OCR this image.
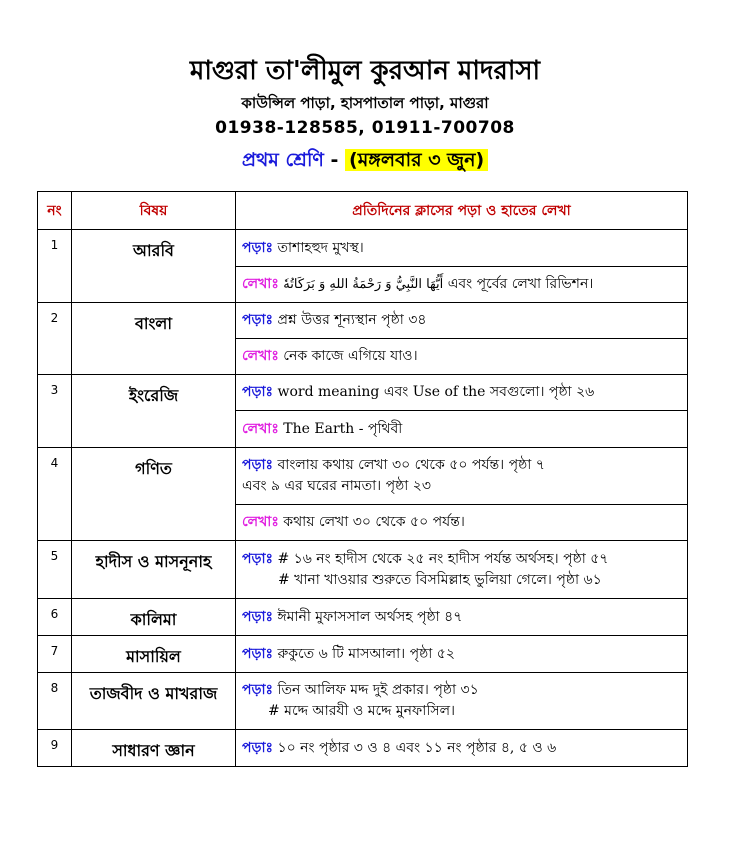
মাগুরা তা'লীমুল কুরআন মাদরাসা
কাউন্সিল পাড়া, হাসপাতাল পাড়া, মাগুরা
01938-128585, 01911-700708
প্রথম শ্রেণি - (মঙ্গলবার ৩ জুন)
নং	বিষয়	প্রতিদিনের ক্লাসের পড়া ও হাতের লেখা
1	আরবি	পড়াঃ তাশাহহুদ মুখস্থ।
		লেখাঃ أَيُّهَا النَّبِيُّ وَ رَحْمَةُ اللهِ وَ بَرَكَاتُهٗ এবং পূর্বের লেখা রিভিশন।
2	বাংলা	পড়াঃ প্রশ্ন উত্তর শূন্যস্থান পৃষ্ঠা ৩৪
		লেখাঃ নেক কাজে এগিয়ে যাও।
3	ইংরেজি	পড়াঃ word meaning এবং Use of the সবগুলো। পৃষ্ঠা ২৬
		লেখাঃ The Earth - পৃথিবী
4	গণিত	পড়াঃ বাংলায় কথায় লেখা ৩০ থেকে ৫০ পর্যন্ত। পৃষ্ঠা ৭
এবং ৯ এর ঘরের নামতা। পৃষ্ঠা ২৩
		লেখাঃ কথায় লেখা ৩০ থেকে ৫০ পর্যন্ত।
5	হাদীস ও মাসনূনাহ	পড়াঃ # ১৬ নং হাদীস থেকে ২৫ নং হাদীস পর্যন্ত অর্থসহ। পৃষ্ঠা ৫৭
# খানা খাওয়ার শুরুতে বিসমিল্লাহ ভুলিয়া গেলে। পৃষ্ঠা ৬১
6	কালিমা	পড়াঃ ঈমানী মুফাসসাল অর্থসহ পৃষ্ঠা ৪৭
7	মাসায়িল	পড়াঃ রুকুতে ৬ টি মাসআলা। পৃষ্ঠা ৫২
8	তাজবীদ ও মাখরাজ	পড়াঃ তিন আলিফ মদ্দ দুই প্রকার। পৃষ্ঠা ৩১
# মদ্দে আরযী ও মদ্দে মুনফাসিল।
9	সাধারণ জ্ঞান	পড়াঃ ১০ নং পৃষ্ঠার ৩ ও ৪ এবং ১১ নং পৃষ্ঠার ৪, ৫ ও ৬
